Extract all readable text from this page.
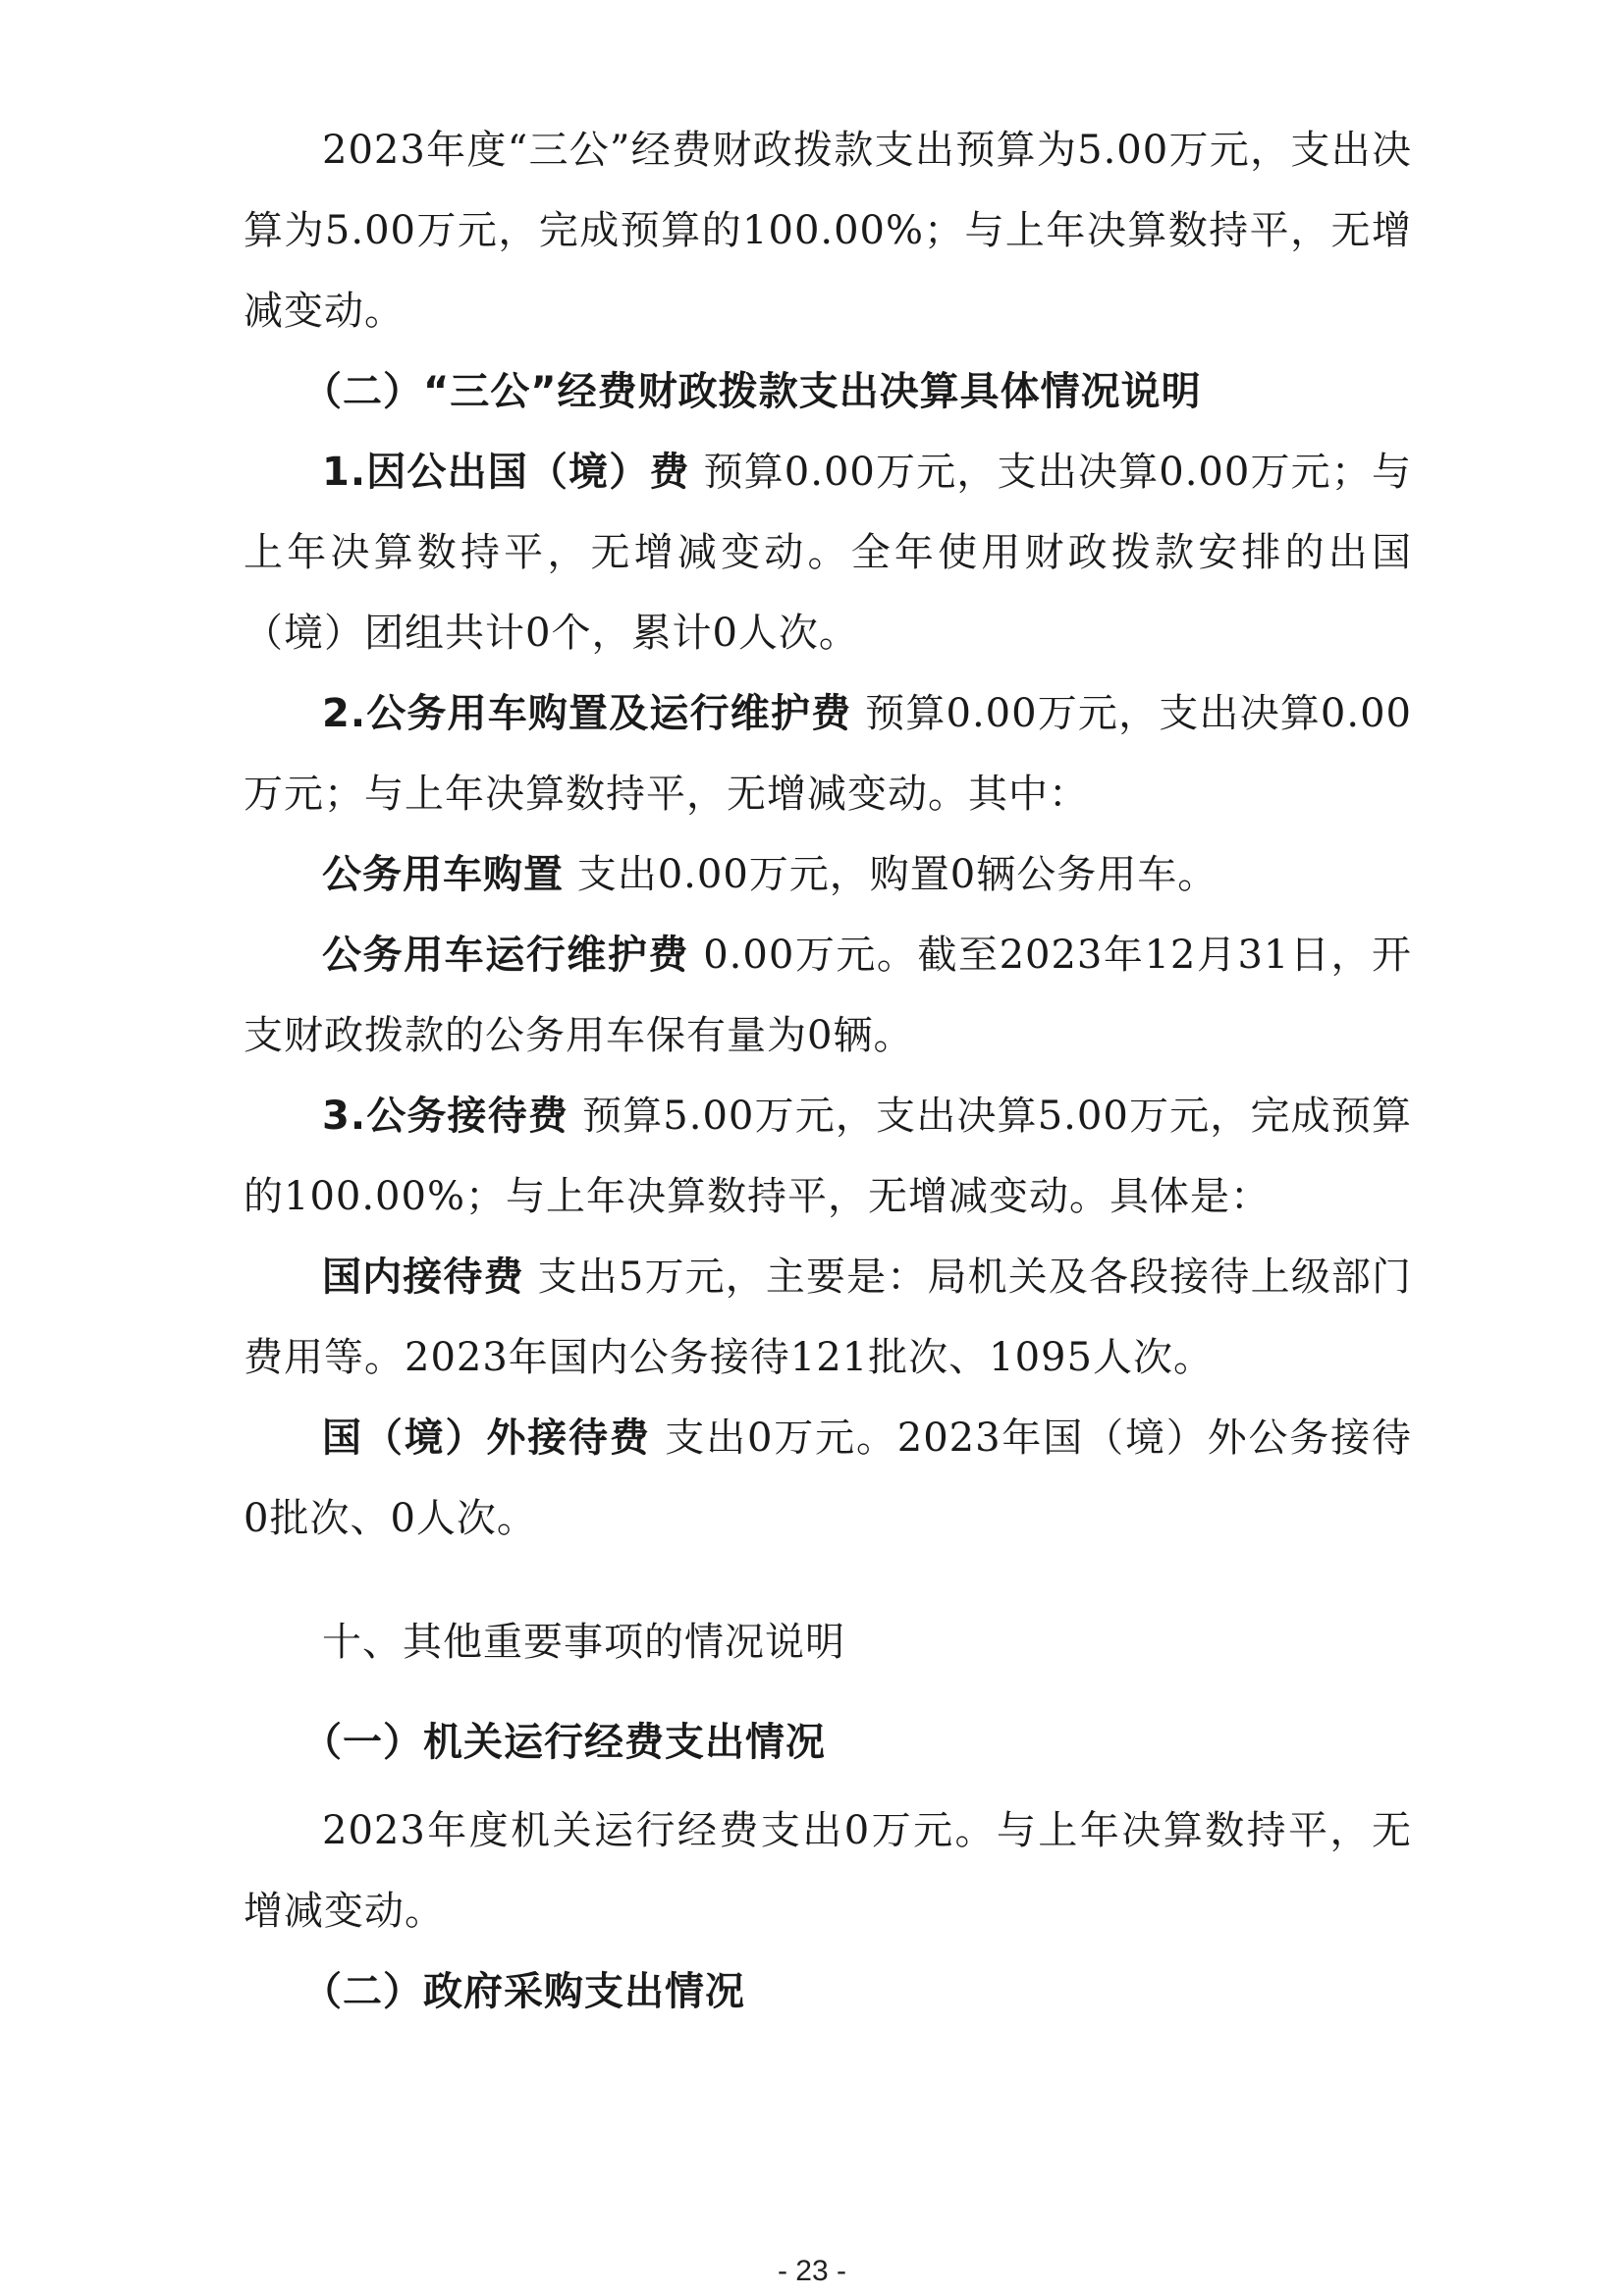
2023年度“三公”经费财政拨款支出预算为5.00万元，支出决算为5.00万元，完成预算的100.00%；与上年决算数持平，无增减变动。

（二）“三公”经费财政拨款支出决算具体情况说明

1.因公出国（境）费 预算0.00万元，支出决算0.00万元；与上年决算数持平，无增减变动。全年使用财政拨款安排的出国（境）团组共计0个，累计0人次。

2.公务用车购置及运行维护费 预算0.00万元，支出决算0.00万元；与上年决算数持平，无增减变动。其中：

公务用车购置 支出0.00万元，购置0辆公务用车。

公务用车运行维护费 0.00万元。截至2023年12月31日，开支财政拨款的公务用车保有量为0辆。

3.公务接待费 预算5.00万元，支出决算5.00万元，完成预算的100.00%；与上年决算数持平，无增减变动。具体是：

国内接待费 支出5万元，主要是：局机关及各段接待上级部门费用等。2023年国内公务接待121批次、1095人次。

国（境）外接待费 支出0万元。2023年国（境）外公务接待0批次、0人次。

十、其他重要事项的情况说明

（一）机关运行经费支出情况

2023年度机关运行经费支出0万元。与上年决算数持平，无增减变动。

（二）政府采购支出情况

- 23 -
